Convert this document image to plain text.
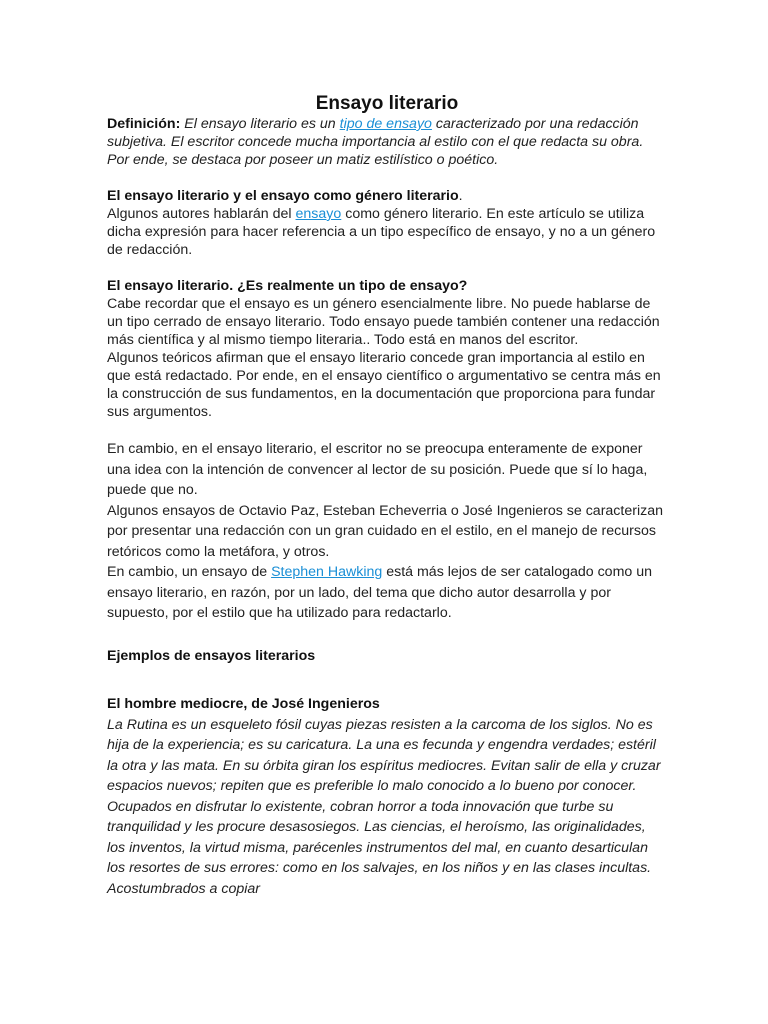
Ensayo literario

Definición: El ensayo literario es un tipo de ensayo caracterizado por una redacción subjetiva. El escritor concede mucha importancia al estilo con el que redacta su obra. Por ende, se destaca por poseer un matiz estilístico o poético.

El ensayo literario y el ensayo como género literario.

Algunos autores hablarán del ensayo como género literario. En este artículo se utiliza dicha expresión para hacer referencia a un tipo específico de ensayo, y no a un género de redacción.

El ensayo literario. ¿Es realmente un tipo de ensayo?

Cabe recordar que el ensayo es un género esencialmente libre. No puede hablarse de un tipo cerrado de ensayo literario. Todo ensayo puede también contener una redacción más científica y al mismo tiempo literaria.. Todo está en manos del escritor.

Algunos teóricos afirman que el ensayo literario concede gran importancia al estilo en que está redactado. Por ende, en el ensayo científico o argumentativo se centra más en la construcción de sus fundamentos, en la documentación que proporciona para fundar sus argumentos.

En cambio, en el ensayo literario, el escritor no se preocupa enteramente de exponer una idea con la intención de convencer al lector de su posición. Puede que sí lo haga, puede que no.

Algunos ensayos de Octavio Paz, Esteban Echeverria o José Ingenieros se caracterizan por presentar una redacción con un gran cuidado en el estilo, en el manejo de recursos retóricos como la metáfora, y otros.

En cambio, un ensayo de Stephen Hawking está más lejos de ser catalogado como un ensayo literario, en razón, por un lado, del tema que dicho autor desarrolla y por supuesto, por el estilo que ha utilizado para redactarlo.

Ejemplos de ensayos literarios

El hombre mediocre, de José Ingenieros

La Rutina es un esqueleto fósil cuyas piezas resisten a la carcoma de los siglos. No es hija de la experiencia; es su caricatura. La una es fecunda y engendra verdades; estéril la otra y las mata. En su órbita giran los espíritus mediocres. Evitan salir de ella y cruzar espacios nuevos; repiten que es preferible lo malo conocido a lo bueno por conocer. Ocupados en disfrutar lo existente, cobran horror a toda innovación que turbe su tranquilidad y les procure desasosiegos. Las ciencias, el heroísmo, las originalidades, los inventos, la virtud misma, parécenles instrumentos del mal, en cuanto desarticulan los resortes de sus errores: como en los salvajes, en los niños y en las clases incultas. Acostumbrados a copiar
